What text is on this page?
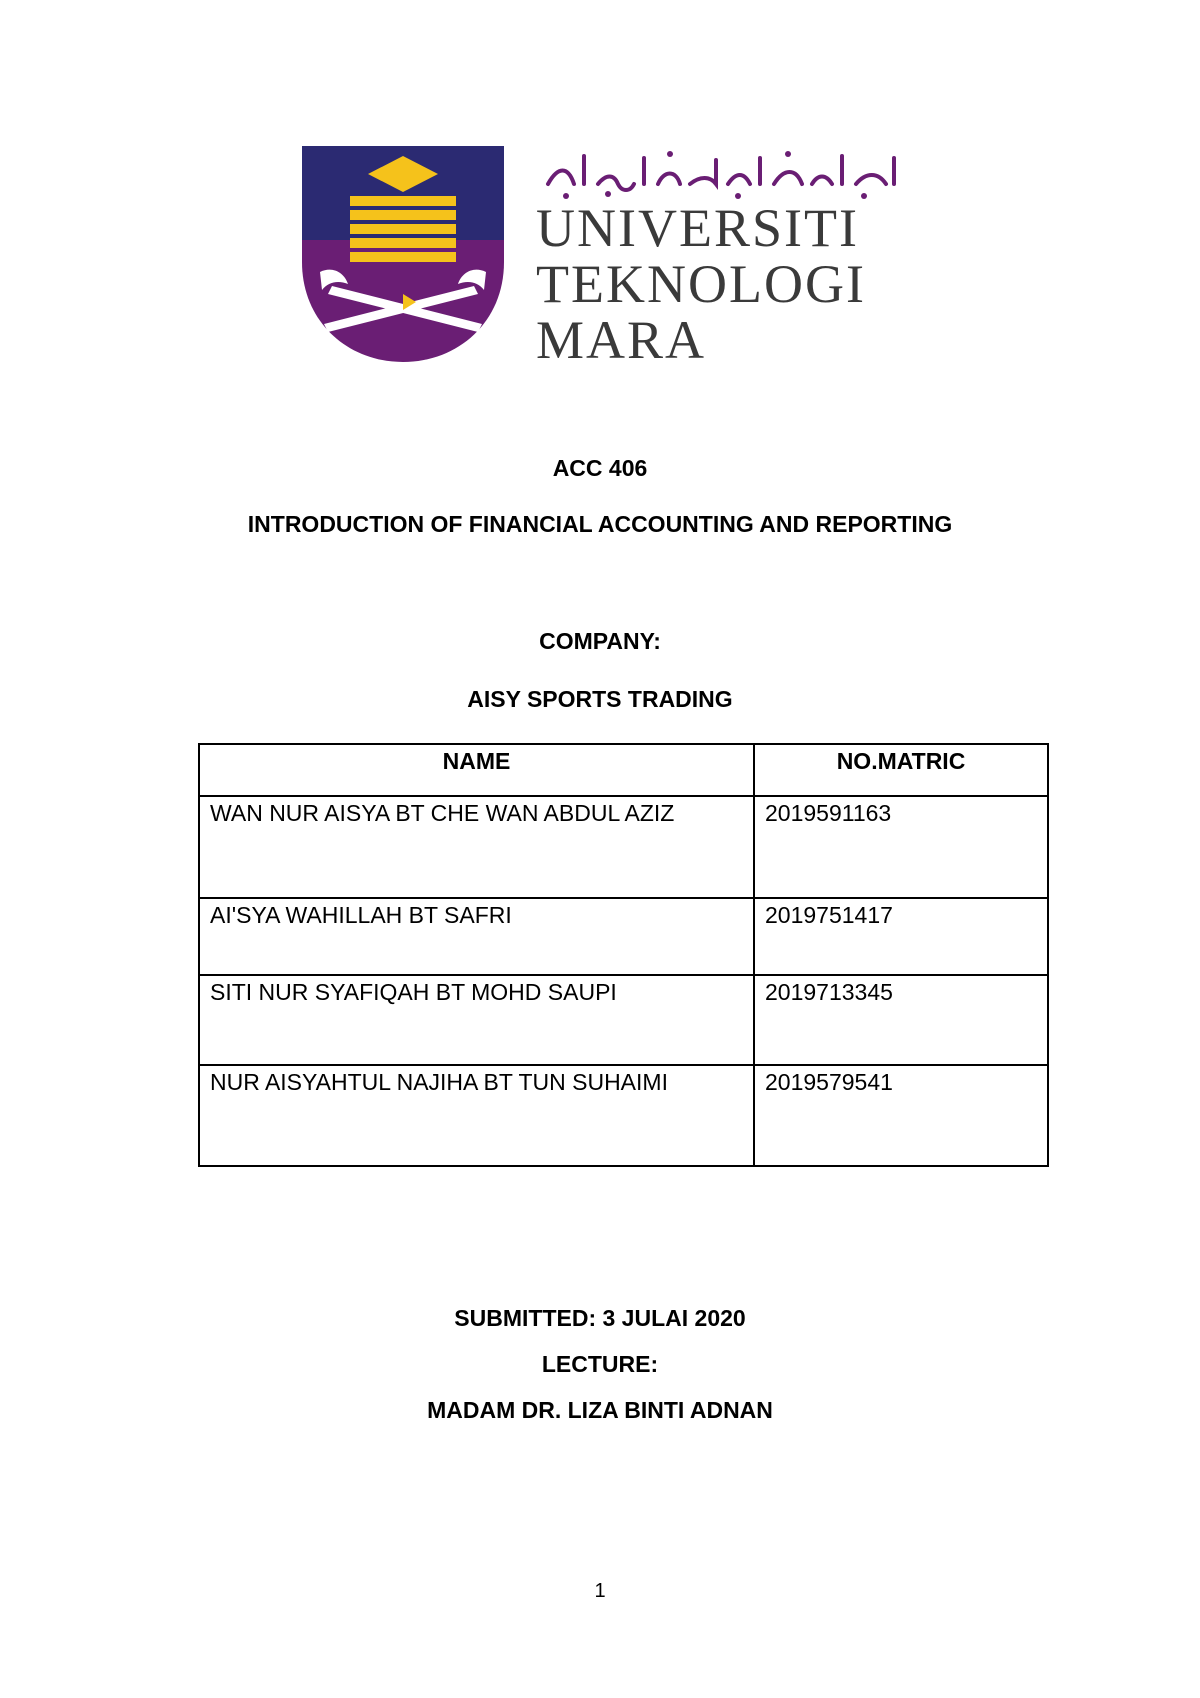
UNIVERSITI
TEKNOLOGI
MARA
ACC 406
INTRODUCTION OF FINANCIAL ACCOUNTING AND REPORTING
COMPANY:
AISY SPORTS TRADING
NAME	NO.MATRIC
WAN NUR AISYA BT CHE WAN ABDUL AZIZ	2019591163
AI'SYA WAHILLAH BT SAFRI	2019751417
SITI NUR SYAFIQAH BT MOHD SAUPI	2019713345
NUR AISYAHTUL NAJIHA BT TUN SUHAIMI	2019579541
SUBMITTED: 3 JULAI 2020
LECTURE:
MADAM DR. LIZA BINTI ADNAN
1
